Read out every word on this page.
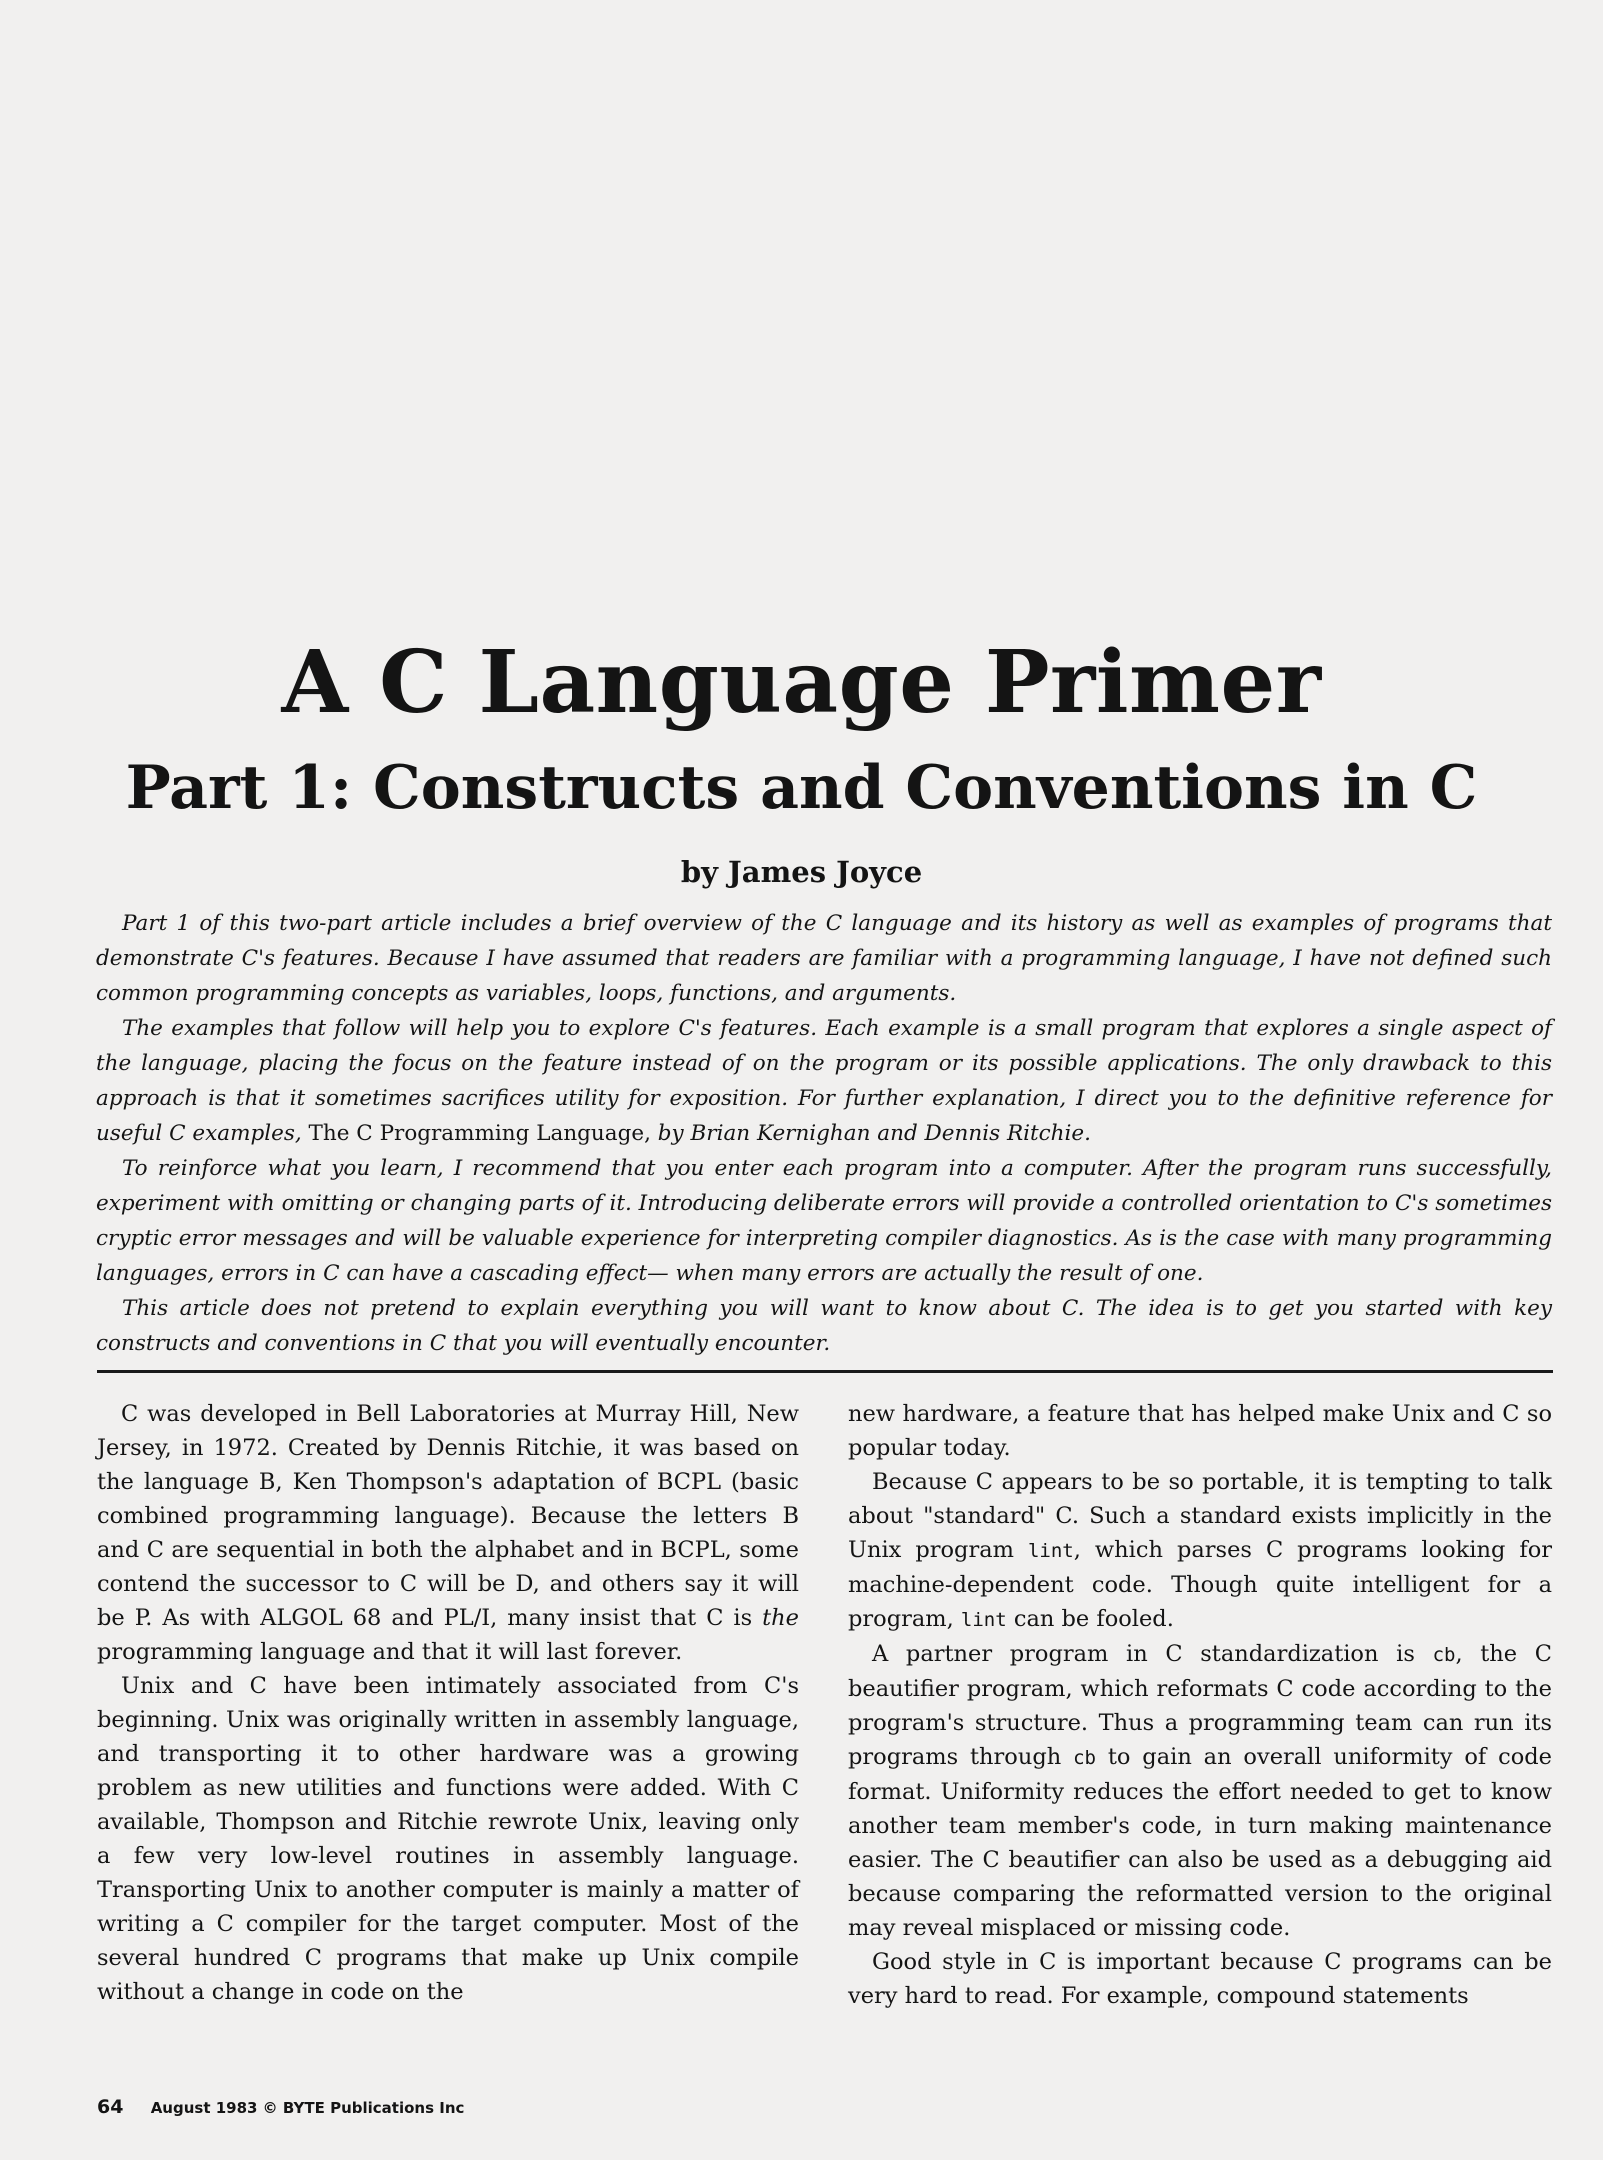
A C Language Primer
Part 1: Constructs and Conventions in C
by James Joyce

Part 1 of this two-part article includes a brief overview of the C language and its history as well as examples of programs that demonstrate C's features. Because I have assumed that readers are familiar with a programming language, I have not defined such common programming concepts as variables, loops, functions, and arguments.

The examples that follow will help you to explore C's features. Each example is a small program that explores a single aspect of the language, placing the focus on the feature instead of on the program or its possible applications. The only drawback to this approach is that it sometimes sacrifices utility for exposition. For further explanation, I direct you to the definitive reference for useful C examples, The C Programming Language, by Brian Kernighan and Dennis Ritchie.

To reinforce what you learn, I recommend that you enter each program into a computer. After the program runs successfully, experiment with omitting or changing parts of it. Introducing deliberate errors will provide a controlled orientation to C's sometimes cryptic error messages and will be valuable experience for interpreting compiler diagnostics. As is the case with many programming languages, errors in C can have a cascading effect— when many errors are actually the result of one.

This article does not pretend to explain everything you will want to know about C. The idea is to get you started with key constructs and conventions in C that you will eventually encounter.

C was developed in Bell Laboratories at Murray Hill, New Jersey, in 1972. Created by Dennis Ritchie, it was based on the language B, Ken Thompson's adaptation of BCPL (basic combined programming language). Because the letters B and C are sequential in both the alphabet and in BCPL, some contend the successor to C will be D, and others say it will be P. As with ALGOL 68 and PL/I, many insist that C is the programming language and that it will last forever.

Unix and C have been intimately associated from C's beginning. Unix was originally written in assembly language, and transporting it to other hardware was a growing problem as new utilities and functions were added. With C available, Thompson and Ritchie rewrote Unix, leaving only a few very low-level routines in assembly language. Transporting Unix to another computer is mainly a matter of writing a C compiler for the target computer. Most of the several hundred C programs that make up Unix compile without a change in code on the

new hardware, a feature that has helped make Unix and C so popular today.

Because C appears to be so portable, it is tempting to talk about "standard" C. Such a standard exists implicitly in the Unix program lint, which parses C programs looking for machine-dependent code. Though quite intelligent for a program, lint can be fooled.

A partner program in C standardization is cb, the C beautifier program, which reformats C code according to the program's structure. Thus a programming team can run its programs through cb to gain an overall uniformity of code format. Uniformity reduces the effort needed to get to know another team member's code, in turn making maintenance easier. The C beautifier can also be used as a debugging aid because comparing the reformatted version to the original may reveal misplaced or missing code.

Good style in C is important because C programs can be very hard to read. For example, compound statements

64 August 1983 © BYTE Publications Inc
